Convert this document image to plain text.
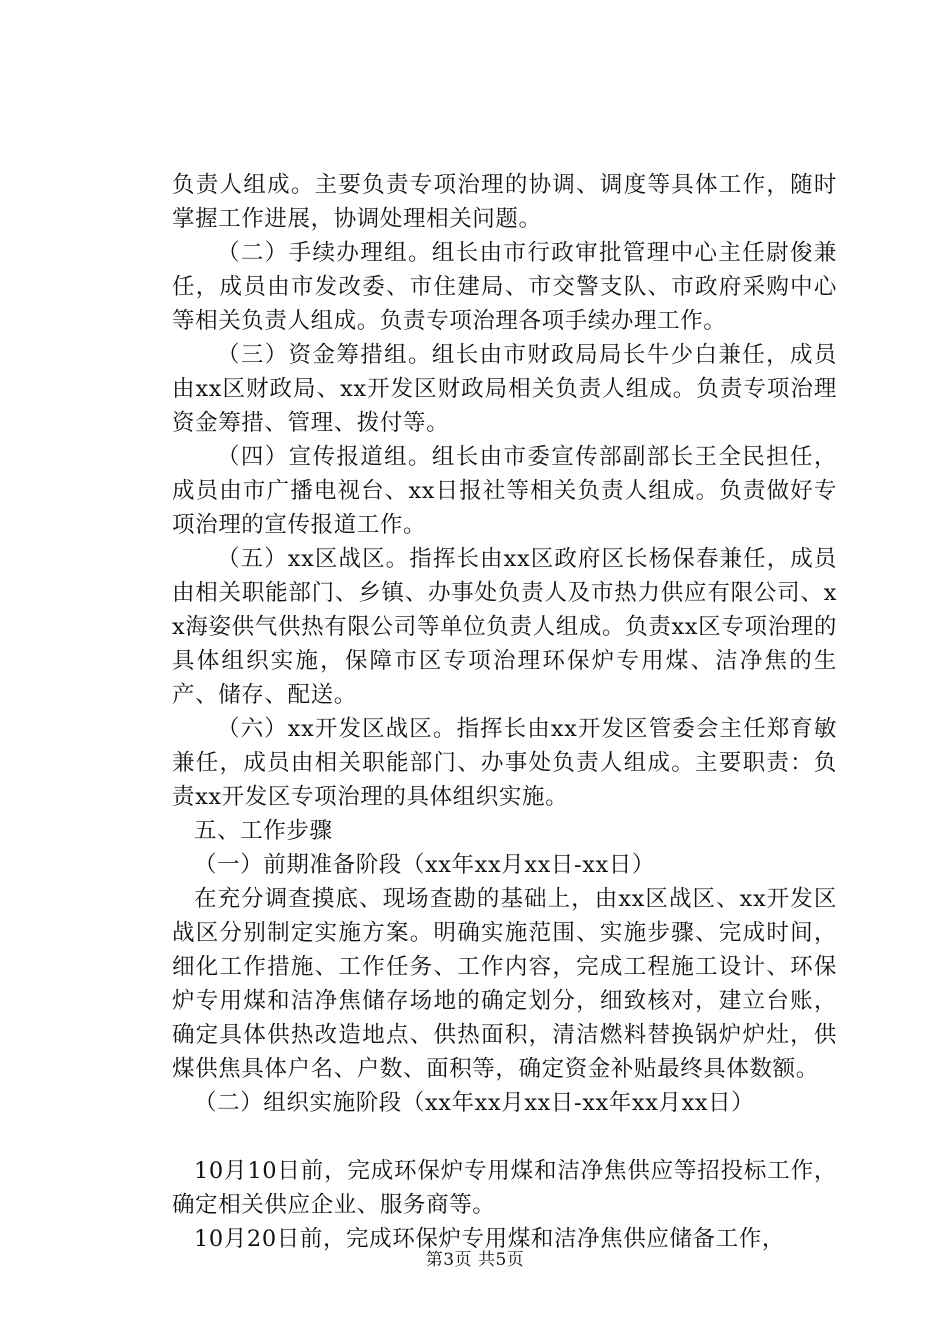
负责人组成。主要负责专项治理的协调、调度等具体工作，随时掌握工作进展，协调处理相关问题。

（二）手续办理组。组长由市行政审批管理中心主任尉俊兼任，成员由市发改委、市住建局、市交警支队、市政府采购中心等相关负责人组成。负责专项治理各项手续办理工作。

（三）资金筹措组。组长由市财政局局长牛少白兼任，成员由xx区财政局、xx开发区财政局相关负责人组成。负责专项治理资金筹措、管理、拨付等。

（四）宣传报道组。组长由市委宣传部副部长王全民担任，成员由市广播电视台、xx日报社等相关负责人组成。负责做好专项治理的宣传报道工作。

（五）xx区战区。指挥长由xx区政府区长杨保春兼任，成员由相关职能部门、乡镇、办事处负责人及市热力供应有限公司、xx海姿供气供热有限公司等单位负责人组成。负责xx区专项治理的具体组织实施，保障市区专项治理环保炉专用煤、洁净焦的生产、储存、配送。

（六）xx开发区战区。指挥长由xx开发区管委会主任郑育敏兼任，成员由相关职能部门、办事处负责人组成。主要职责：负责xx开发区专项治理的具体组织实施。

五、工作步骤

（一）前期准备阶段（xx年xx月xx日-xx日）

在充分调查摸底、现场查勘的基础上，由xx区战区、xx开发区战区分别制定实施方案。明确实施范围、实施步骤、完成时间，细化工作措施、工作任务、工作内容，完成工程施工设计、环保炉专用煤和洁净焦储存场地的确定划分，细致核对，建立台账，确定具体供热改造地点、供热面积，清洁燃料替换锅炉炉灶，供煤供焦具体户名、户数、面积等，确定资金补贴最终具体数额。

（二）组织实施阶段（xx年xx月xx日-xx年xx月xx日）

10月10日前，完成环保炉专用煤和洁净焦供应等招投标工作，确定相关供应企业、服务商等。

10月20日前，完成环保炉专用煤和洁净焦供应储备工作，

第3页 共5页
